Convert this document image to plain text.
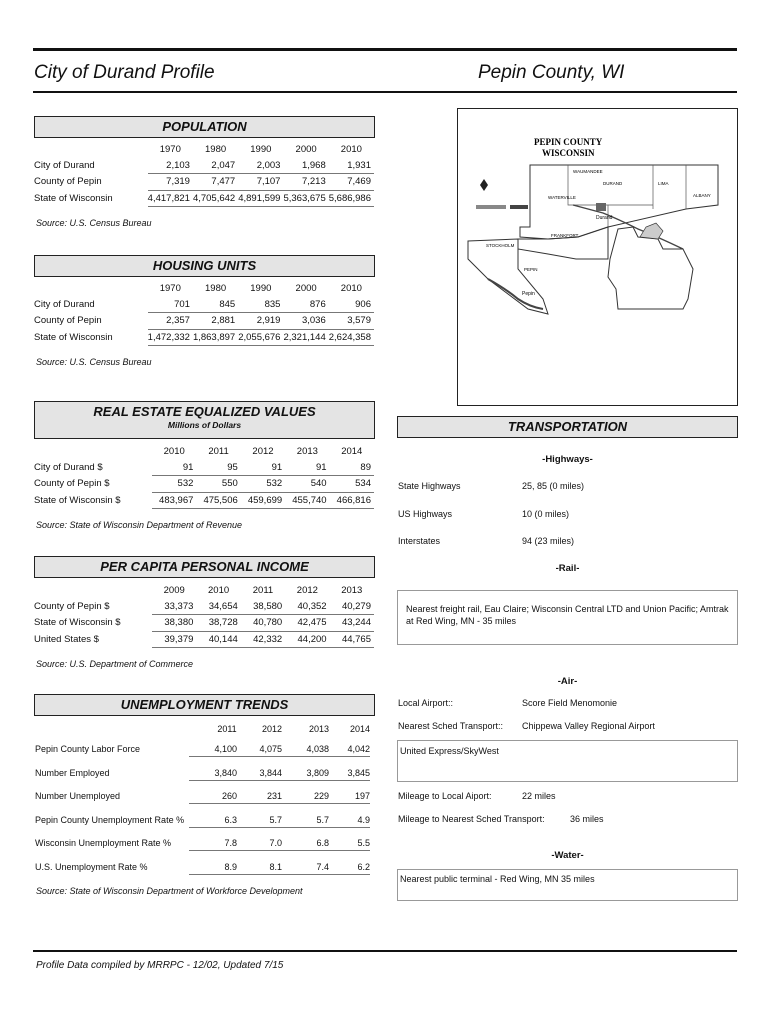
City of Durand Profile	Pepin County, WI
POPULATION
	1970	1980	1990	2000	2010
City of Durand	2,103	2,047	2,003	1,968	1,931
County of Pepin	7,319	7,477	7,107	7,213	7,469
State of Wisconsin	4,417,821	4,705,642	4,891,599	5,363,675	5,686,986
Source: U.S. Census Bureau
HOUSING UNITS
	1970	1980	1990	2000	2010
City of Durand	701	845	835	876	906
County of Pepin	2,357	2,881	2,919	3,036	3,579
State of Wisconsin	1,472,332	1,863,897	2,055,676	2,321,144	2,624,358
Source: U.S. Census Bureau
REAL ESTATE EQUALIZED VALUES
Millions of Dollars
	2010	2011	2012	2013	2014
City of Durand $	91	95	91	91	89
County of Pepin $	532	550	532	540	534
State of Wisconsin $	483,967	475,506	459,699	455,740	466,816
Source: State of Wisconsin Department of Revenue
PER CAPITA PERSONAL INCOME
	2009	2010	2011	2012	2013
County of Pepin $	33,373	34,654	38,580	40,352	40,279
State of Wisconsin $	38,380	38,728	40,780	42,475	43,244
United States $	39,379	40,144	42,332	44,200	44,765
Source: U.S. Department of Commerce
UNEMPLOYMENT TRENDS
2011	2012	2013	2014
Pepin County Labor Force	4,100	4,075	4,038	4,042
Number Employed	3,840	3,844	3,809	3,845
Number Unemployed	260	231	229	197
Pepin County Unemployment Rate %	6.3	5.7	5.7	4.9
Wisconsin Unemployment Rate %	7.8	7.0	6.8	5.5
U.S. Unemployment Rate %	8.9	8.1	7.4	6.2
Source: State of Wisconsin Department of Workforce Development
PEPIN COUNTY
WISCONSIN
WAUMANDEE
DURAND	LIMA
ALBANY
WATERVILLE
FRANKFORT
STOCKHOLM
PEPIN
Pepin
Durand
TRANSPORTATION
-Highways-
State Highways	25, 85 (0 miles)
US Highways	10 (0 miles)
Interstates	94 (23 miles)
-Rail-
Nearest freight rail, Eau Claire; Wisconsin Central LTD and Union Pacific; Amtrak at Red Wing, MN - 35 miles
-Air-
Local Airport::	Score Field Menomonie
Nearest Sched Transport:: Chippewa Valley Regional Airport
United Express/SkyWest
Mileage to Local Aiport:	22 miles
Mileage to Nearest Sched Transport:	36 miles
-Water-
Nearest public terminal - Red Wing, MN 35 miles
Profile Data compiled by MRRPC - 12/02, Updated 7/15
